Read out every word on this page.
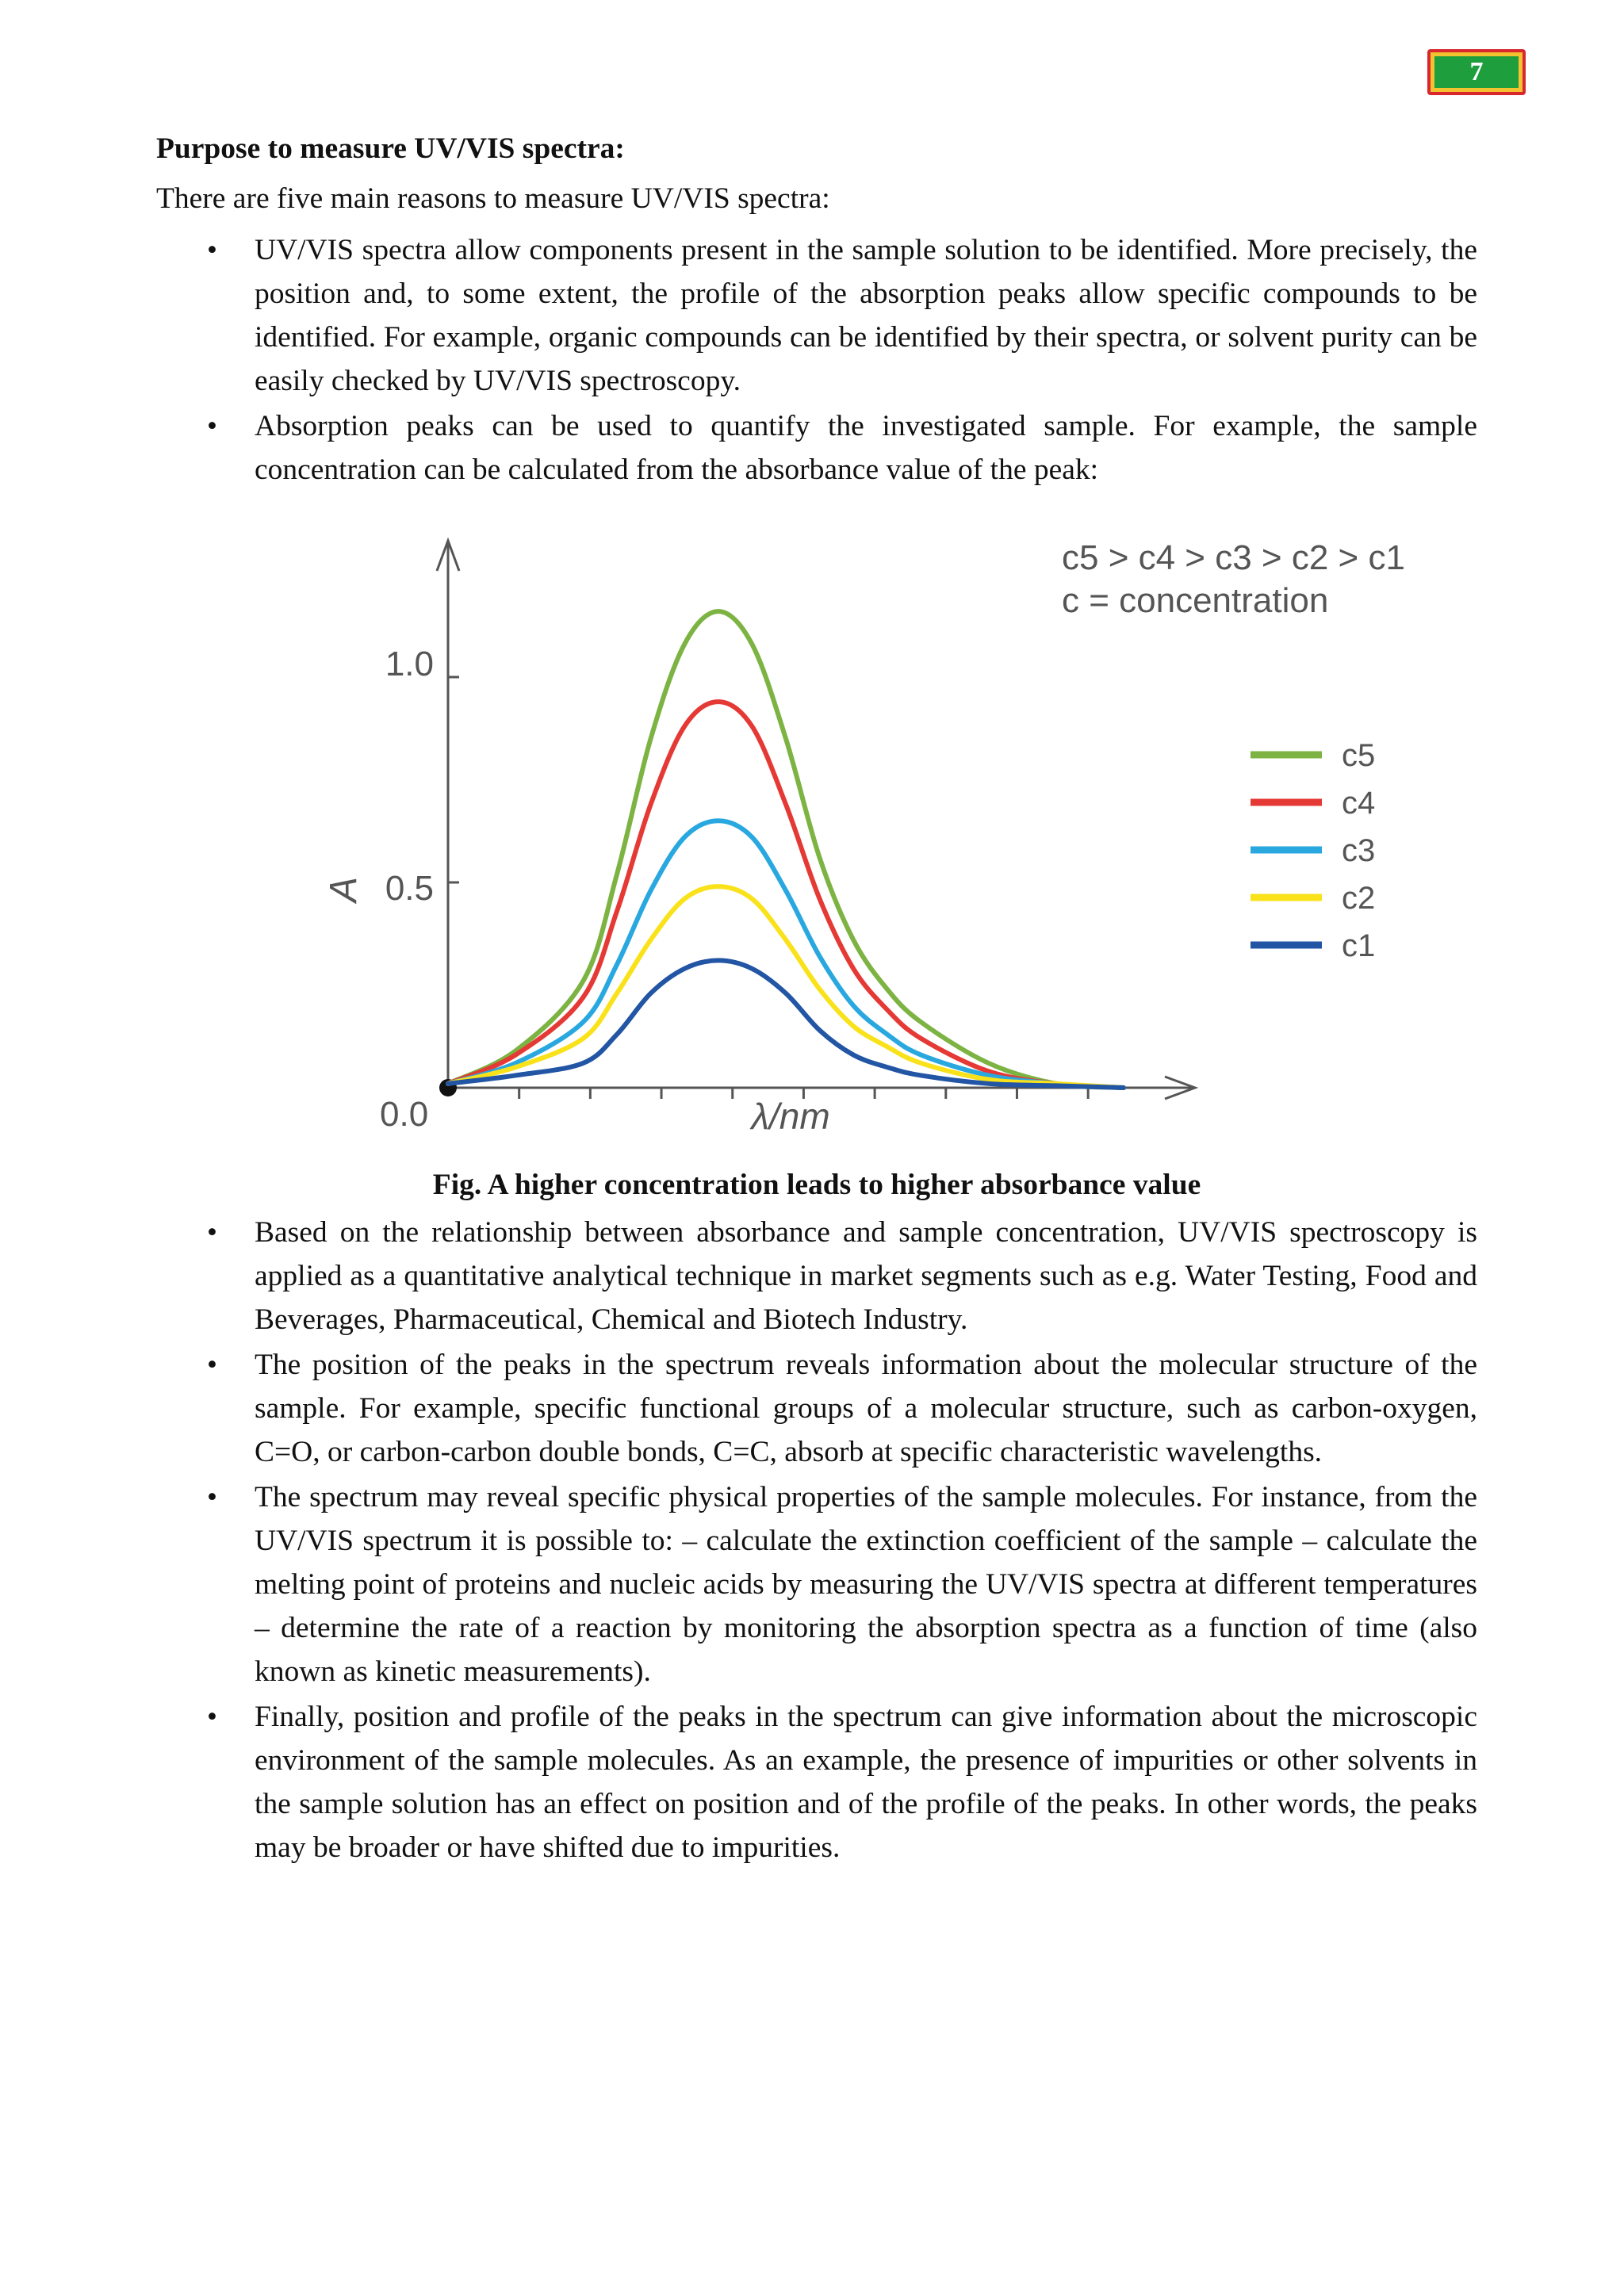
7
Purpose to measure UV/VIS spectra:
There are five main reasons to measure UV/VIS spectra:
• UV/VIS spectra allow components present in the sample solution to be identified. More precisely, the position and, to some extent, the profile of the absorption peaks allow specific compounds to be identified. For example, organic compounds can be identified by their spectra, or solvent purity can be easily checked by UV/VIS spectroscopy.
• Absorption peaks can be used to quantify the investigated sample. For example, the sample concentration can be calculated from the absorbance value of the peak:
c5
c4
c3
c2
c1
c5 > c4 > c3 > c2 > c1
c = concentration
1.0
0.5
0.0	λ/nm
A
Fig. A higher concentration leads to higher absorbance value
• Based on the relationship between absorbance and sample concentration, UV/VIS spectroscopy is applied as a quantitative analytical technique in market segments such as e.g. Water Testing, Food and Beverages, Pharmaceutical, Chemical and Biotech Industry.
• The position of the peaks in the spectrum reveals information about the molecular structure of the sample. For example, specific functional groups of a molecular structure, such as carbon-oxygen, C=O, or carbon-carbon double bonds, C=C, absorb at specific characteristic wavelengths.
• The spectrum may reveal specific physical properties of the sample molecules. For instance, from the UV/VIS spectrum it is possible to: – calculate the extinction coefficient of the sample – calculate the melting point of proteins and nucleic acids by measuring the UV/VIS spectra at different temperatures – determine the rate of a reaction by monitoring the absorption spectra as a function of time (also known as kinetic measurements).
• Finally, position and profile of the peaks in the spectrum can give information about the microscopic environment of the sample molecules. As an example, the presence of impurities or other solvents in the sample solution has an effect on position and of the profile of the peaks. In other words, the peaks may be broader or have shifted due to impurities.
